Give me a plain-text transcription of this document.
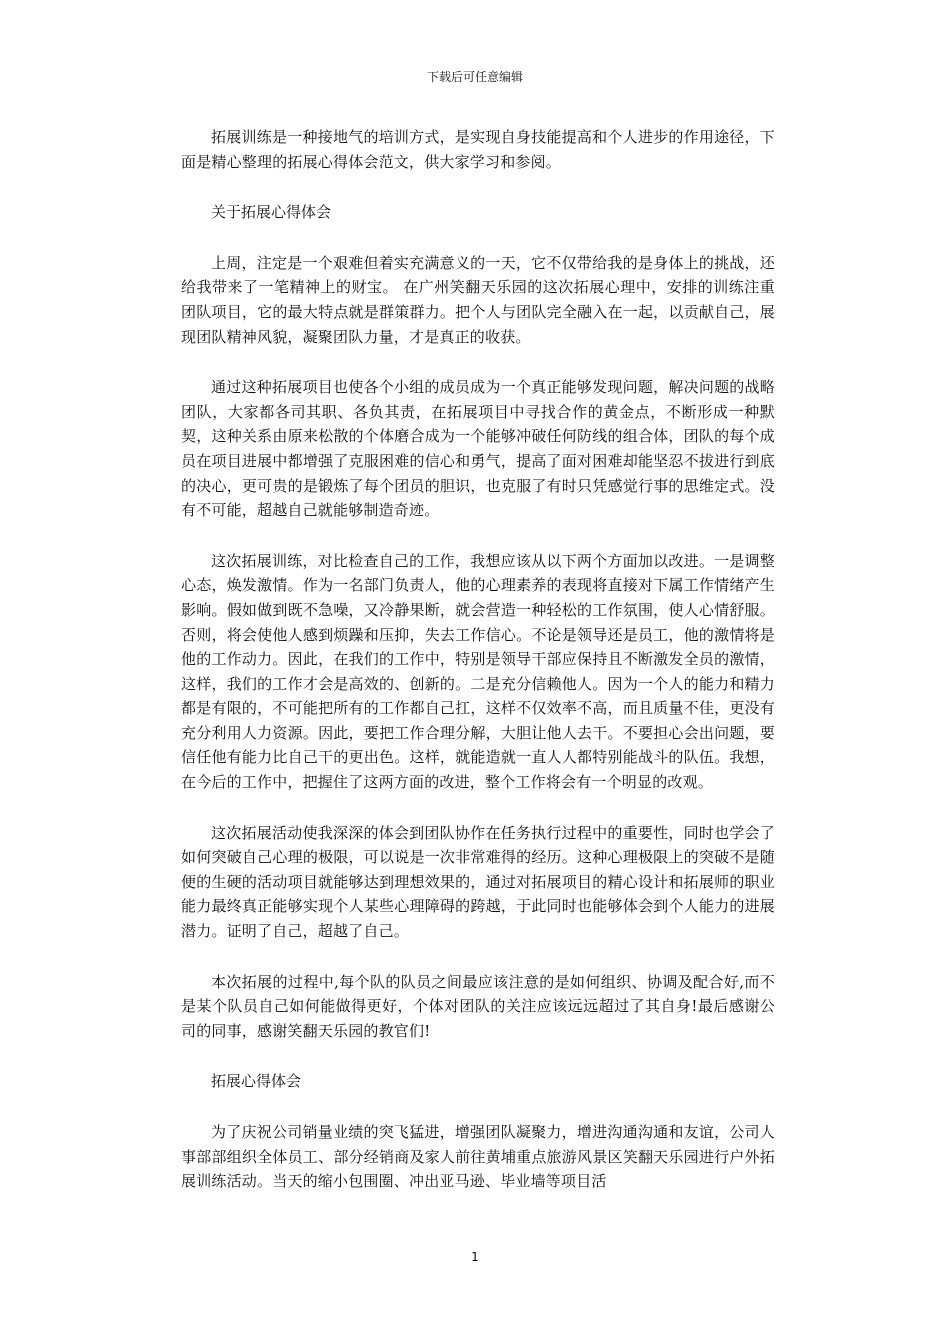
下载后可任意编辑

拓展训练是一种接地气的培训方式，是实现自身技能提高和个人进步的作用途径，下面是精心整理的拓展心得体会范文，供大家学习和参阅。

关于拓展心得体会

上周，注定是一个艰难但着实充满意义的一天，它不仅带给我的是身体上的挑战，还给我带来了一笔精神上的财宝。 在广州笑翻天乐园的这次拓展心理中，安排的训练注重团队项目，它的最大特点就是群策群力。把个人与团队完全融入在一起，以贡献自己，展现团队精神风貌，凝聚团队力量，才是真正的收获。

通过这种拓展项目也使各个小组的成员成为一个真正能够发现问题，解决问题的战略团队，大家都各司其职、各负其责，在拓展项目中寻找合作的黄金点，不断形成一种默契，这种关系由原来松散的个体磨合成为一个能够冲破任何防线的组合体，团队的每个成员在项目进展中都增强了克服困难的信心和勇气，提高了面对困难却能坚忍不拔进行到底的决心，更可贵的是锻炼了每个团员的胆识，也克服了有时只凭感觉行事的思维定式。没有不可能，超越自己就能够制造奇迹。

这次拓展训练，对比检查自己的工作，我想应该从以下两个方面加以改进。一是调整心态，焕发激情。作为一名部门负责人，他的心理素养的表现将直接对下属工作情绪产生影响。假如做到既不急噪，又冷静果断，就会营造一种轻松的工作氛围，使人心情舒服。否则，将会使他人感到烦躁和压抑，失去工作信心。不论是领导还是员工，他的激情将是他的工作动力。因此，在我们的工作中，特别是领导干部应保持且不断激发全员的激情，这样，我们的工作才会是高效的、创新的。二是充分信赖他人。因为一个人的能力和精力都是有限的，不可能把所有的工作都自己扛，这样不仅效率不高，而且质量不佳，更没有充分利用人力资源。因此，要把工作合理分解，大胆让他人去干。不要担心会出问题，要信任他有能力比自己干的更出色。这样，就能造就一直人人都特别能战斗的队伍。我想，在今后的工作中，把握住了这两方面的改进，整个工作将会有一个明显的改观。

这次拓展活动使我深深的体会到团队协作在任务执行过程中的重要性，同时也学会了如何突破自己心理的极限，可以说是一次非常难得的经历。这种心理极限上的突破不是随便的生硬的活动项目就能够达到理想效果的，通过对拓展项目的精心设计和拓展师的职业能力最终真正能够实现个人某些心理障碍的跨越，于此同时也能够体会到个人能力的进展潜力。证明了自己，超越了自己。

本次拓展的过程中,每个队的队员之间最应该注意的是如何组织、协调及配合好,而不是某个队员自己如何能做得更好，个体对团队的关注应该远远超过了其自身!最后感谢公司的同事，感谢笑翻天乐园的教官们!

拓展心得体会

为了庆祝公司销量业绩的突飞猛进，增强团队凝聚力，增进沟通沟通和友谊，公司人事部部组织全体员工、部分经销商及家人前往黄埔重点旅游风景区笑翻天乐园进行户外拓展训练活动。当天的缩小包围圈、冲出亚马逊、毕业墙等项目活

1
